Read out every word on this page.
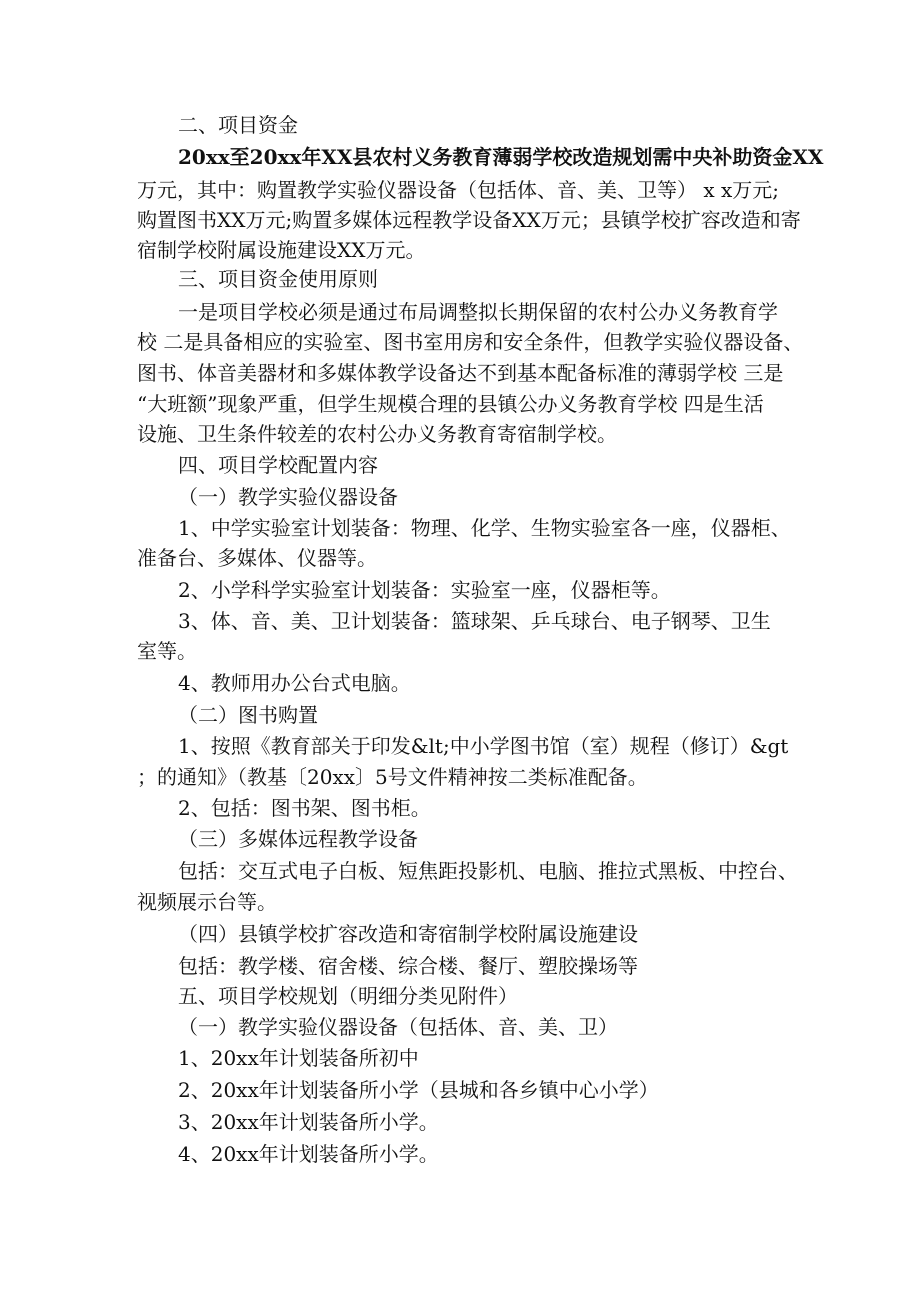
二、项目资金
20xx至20xx年XX县农村义务教育薄弱学校改造规划需中央补助资金XX
万元，其中：购置教学实验仪器设备（包括体、音、美、卫等） x x万元;
购置图书XX万元;购置多媒体远程教学设备XX万元；县镇学校扩容改造和寄
宿制学校附属设施建设XX万元。
三、项目资金使用原则
一是项目学校必须是通过布局调整拟长期保留的农村公办义务教育学
校 二是具备相应的实验室、图书室用房和安全条件，但教学实验仪器设备、
图书、体音美器材和多媒体教学设备达不到基本配备标准的薄弱学校 三是
“大班额”现象严重，但学生规模合理的县镇公办义务教育学校 四是生活
设施、卫生条件较差的农村公办义务教育寄宿制学校。
四、项目学校配置内容
（一）教学实验仪器设备
1、中学实验室计划装备：物理、化学、生物实验室各一座，仪器柜、
准备台、多媒体、仪器等。
2、小学科学实验室计划装备：实验室一座，仪器柜等。
3、体、音、美、卫计划装备：篮球架、乒乓球台、电子钢琴、卫生
室等。
4、教师用办公台式电脑。
（二）图书购置
1、按照《教育部关于印发&lt;中小学图书馆（室）规程（修订）&gt
；的通知》（教基〔20xx〕5号文件精神按二类标准配备。
2、包括：图书架、图书柜。
（三）多媒体远程教学设备
包括：交互式电子白板、短焦距投影机、电脑、推拉式黑板、中控台、
视频展示台等。
（四）县镇学校扩容改造和寄宿制学校附属设施建设
包括：教学楼、宿舍楼、综合楼、餐厅、塑胶操场等
五、项目学校规划（明细分类见附件）
（一）教学实验仪器设备（包括体、音、美、卫）
1、20xx年计划装备所初中
2、20xx年计划装备所小学（县城和各乡镇中心小学）
3、20xx年计划装备所小学。
4、20xx年计划装备所小学。
